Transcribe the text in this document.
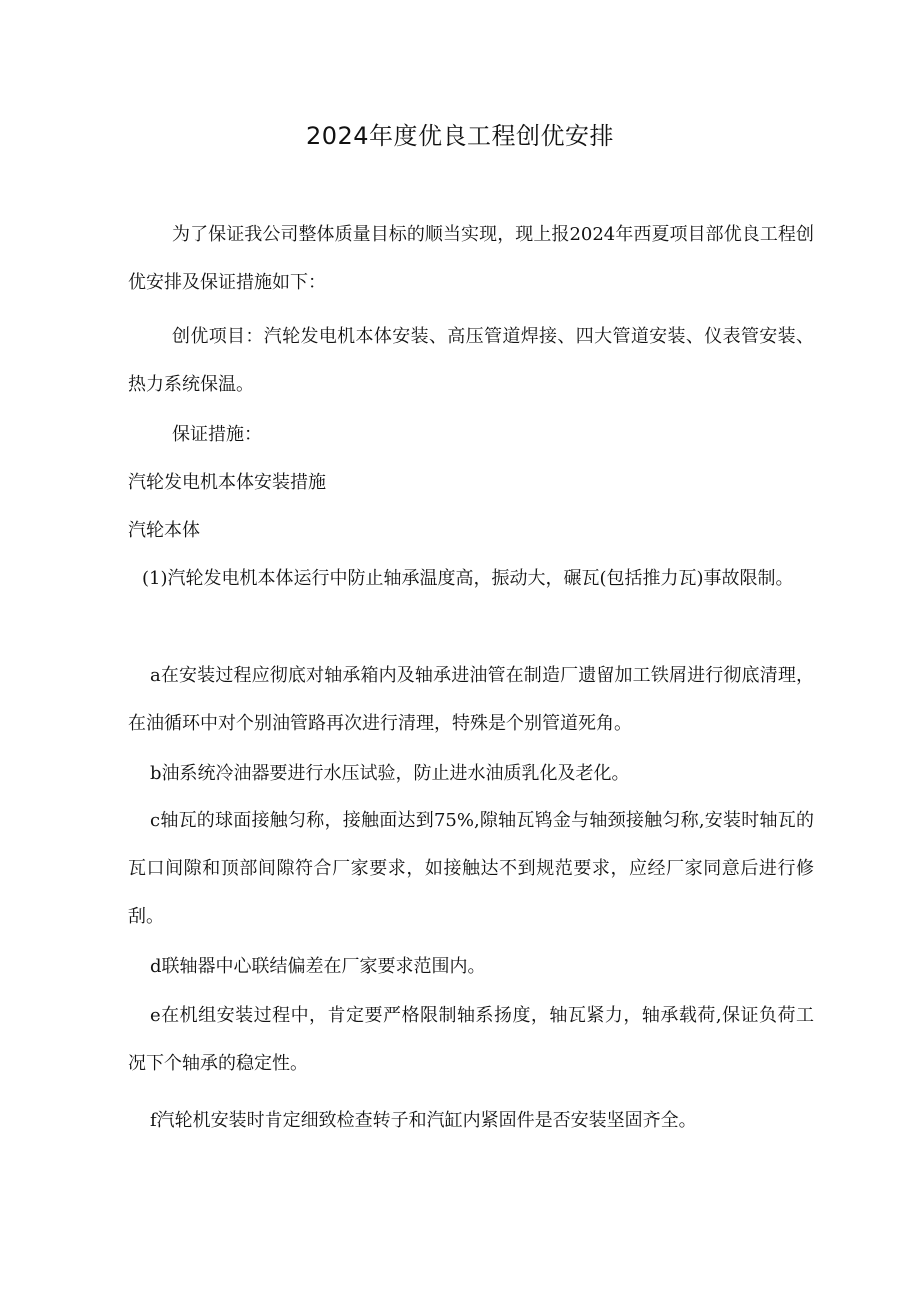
2024年度优良工程创优安排

为了保证我公司整体质量目标的顺当实现，现上报2024年西夏项目部优良工程创优安排及保证措施如下：

创优项目：汽轮发电机本体安装、高压管道焊接、四大管道安装、仪表管安装、热力系统保温。

保证措施：

汽轮发电机本体安装措施

汽轮本体

(1)汽轮发电机本体运行中防止轴承温度高，振动大，碾瓦(包括推力瓦)事故限制。

a在安装过程应彻底对轴承箱内及轴承进油管在制造厂遗留加工铁屑进行彻底清理，在油循环中对个别油管路再次进行清理，特殊是个别管道死角。

b油系统冷油器要进行水压试验，防止进水油质乳化及老化。

c轴瓦的球面接触匀称，接触面达到75%,隙轴瓦鸨金与轴颈接触匀称,安装时轴瓦的瓦口间隙和顶部间隙符合厂家要求，如接触达不到规范要求，应经厂家同意后进行修刮。

d联轴器中心联结偏差在厂家要求范围内。

e在机组安装过程中，肯定要严格限制轴系扬度，轴瓦紧力，轴承载荷,保证负荷工况下个轴承的稳定性。

f汽轮机安装时肯定细致检查转子和汽缸内紧固件是否安装坚固齐全。
